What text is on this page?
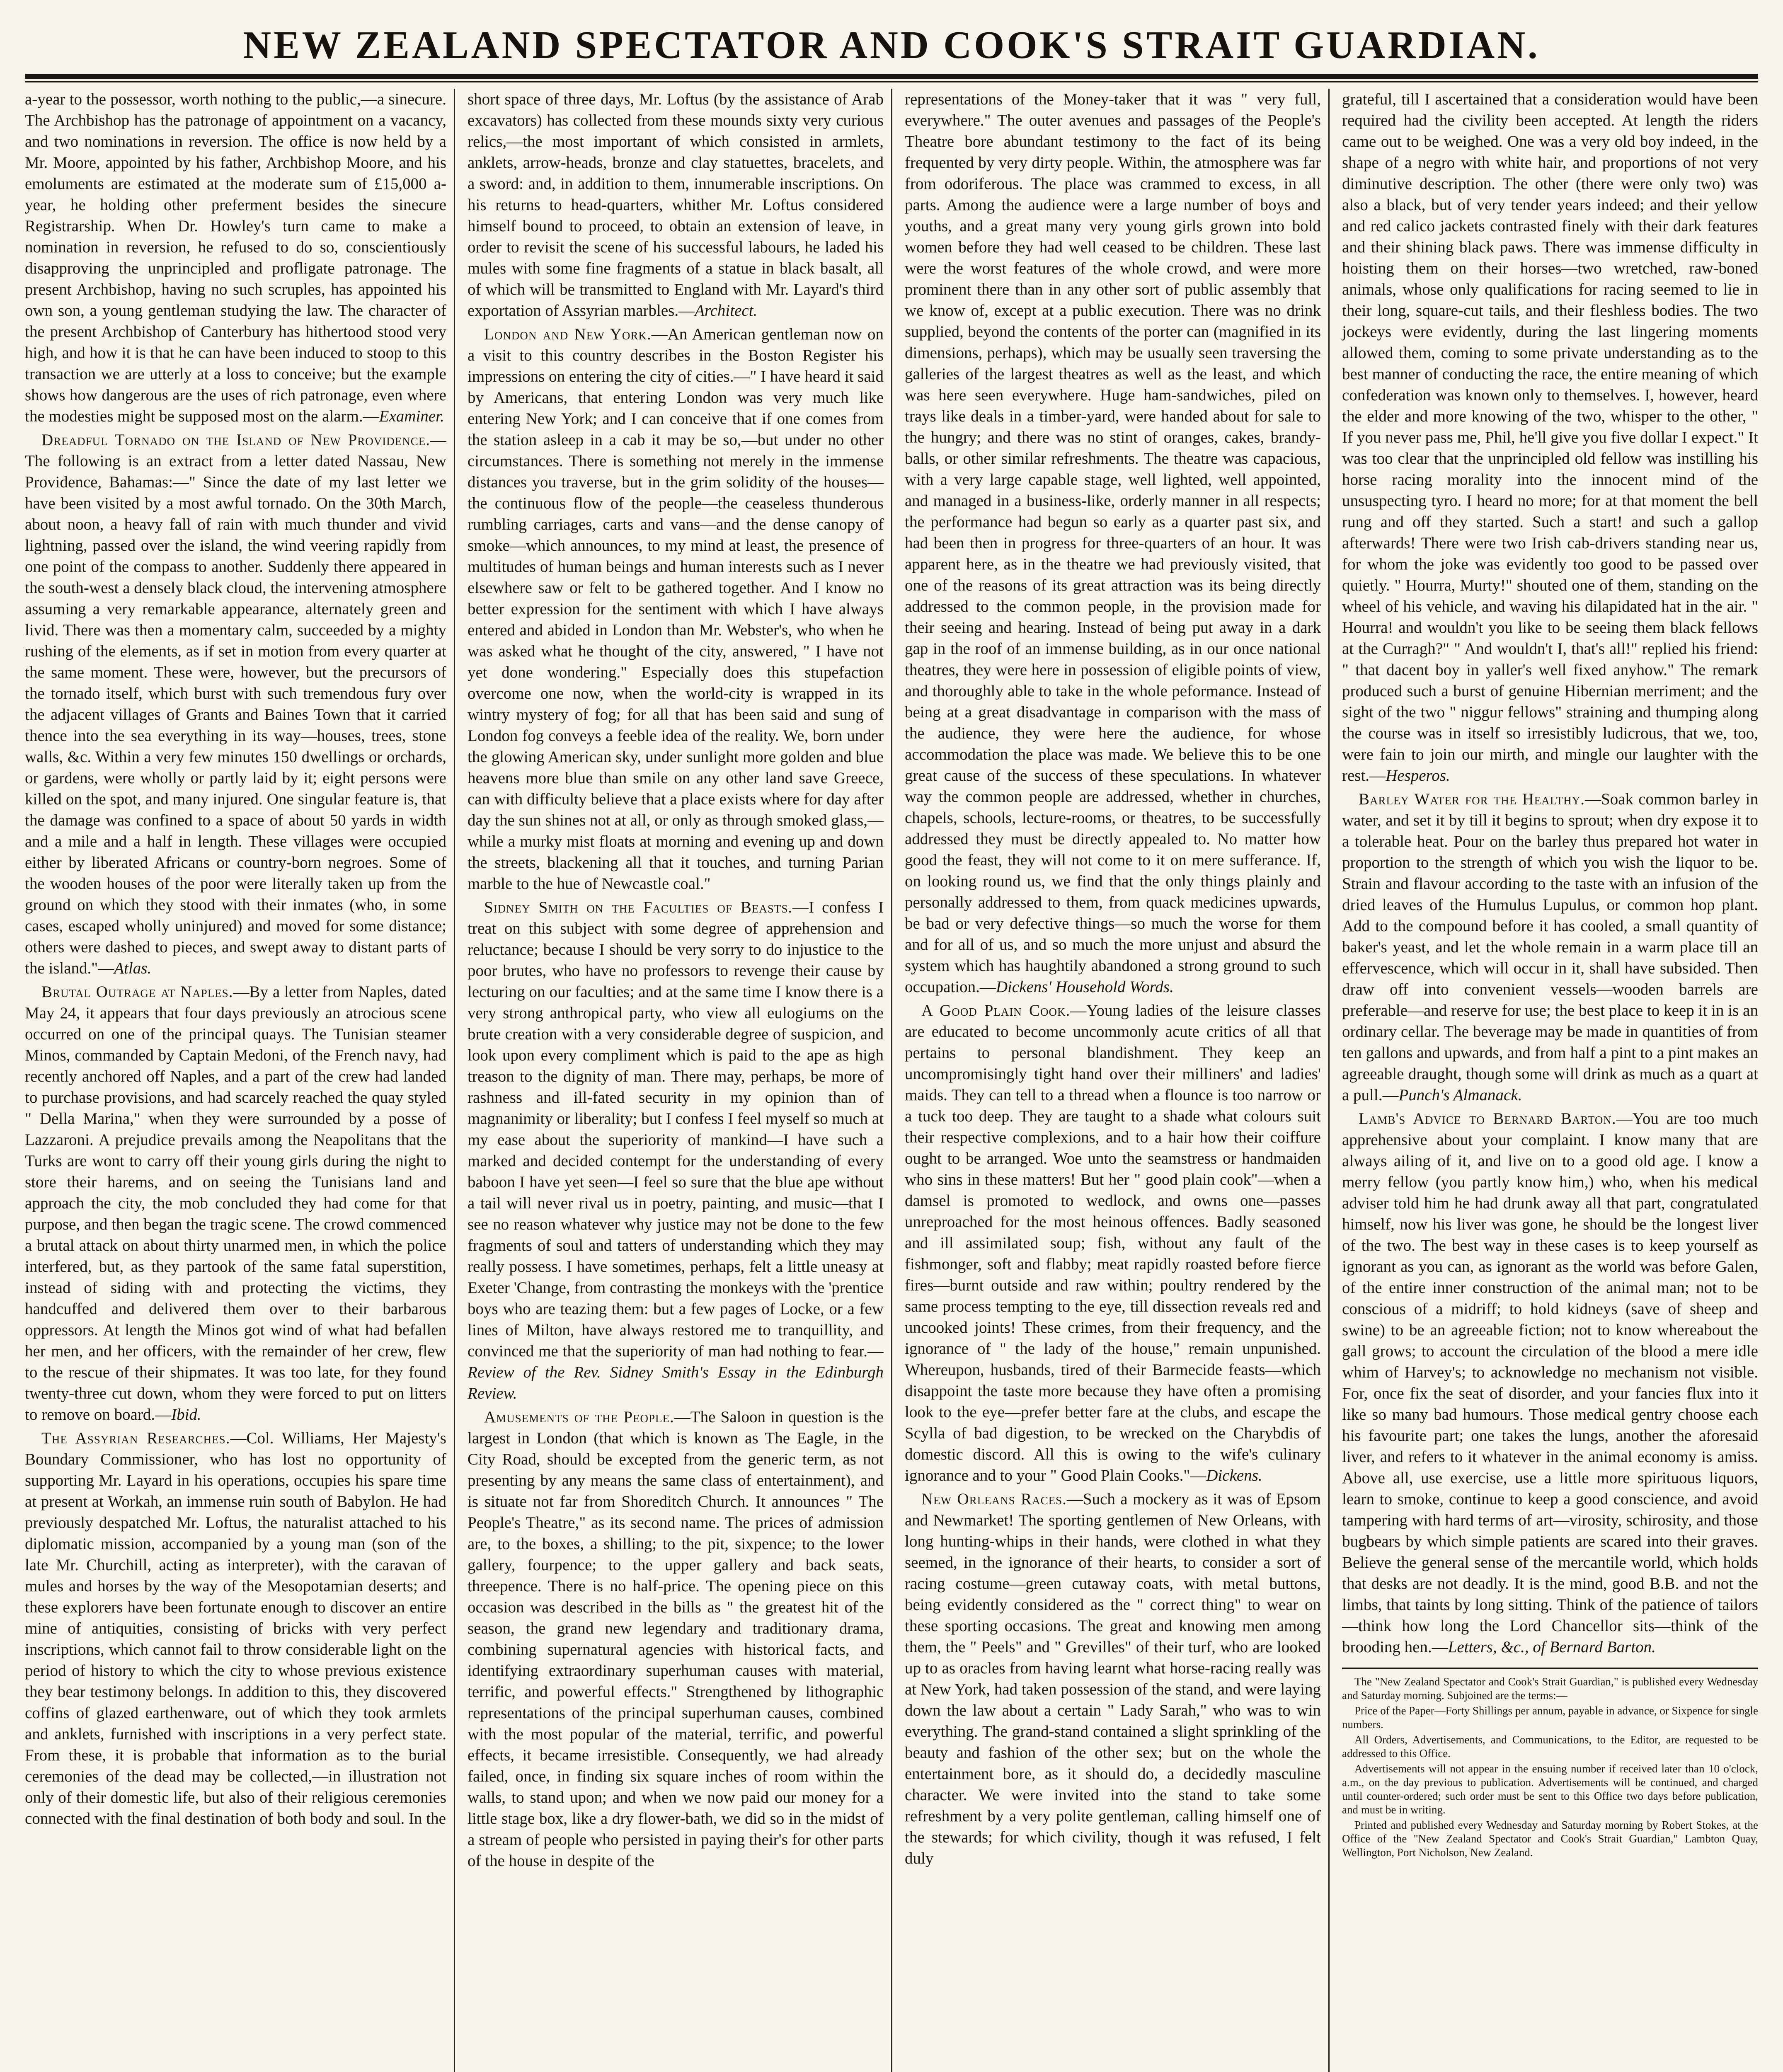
NEW ZEALAND SPECTATOR AND COOK'S STRAIT GUARDIAN.

a-year to the possessor, worth nothing to the public,—a sinecure. The Archbishop has the patronage of appointment on a vacancy, and two nominations in reversion. The office is now held by a Mr. Moore, appointed by his father, Archbishop Moore, and his emoluments are estimated at the moderate sum of £15,000 a-year, he holding other preferment besides the sinecure Registrarship. When Dr. Howley's turn came to make a nomination in reversion, he refused to do so, conscientiously disapproving the unprincipled and profligate patronage. The present Archbishop, having no such scruples, has appointed his own son, a young gentleman studying the law. The character of the present Archbishop of Canterbury has hithertood stood very high, and how it is that he can have been induced to stoop to this transaction we are utterly at a loss to conceive; but the example shows how dangerous are the uses of rich patronage, even where the modesties might be supposed most on the alarm.—Examiner.

Dreadful Tornado on the Island of New Providence.—The following is an extract from a letter dated Nassau, New Providence, Bahamas:—" Since the date of my last letter we have been visited by a most awful tornado. On the 30th March, about noon, a heavy fall of rain with much thunder and vivid lightning, passed over the island, the wind veering rapidly from one point of the compass to another. Suddenly there appeared in the south-west a densely black cloud, the intervening atmosphere assuming a very remarkable appearance, alternately green and livid. There was then a momentary calm, succeeded by a mighty rushing of the elements, as if set in motion from every quarter at the same moment. These were, however, but the precursors of the tornado itself, which burst with such tremendous fury over the adjacent villages of Grants and Baines Town that it carried thence into the sea everything in its way—houses, trees, stone walls, &c. Within a very few minutes 150 dwellings or orchards, or gardens, were wholly or partly laid by it; eight persons were killed on the spot, and many injured. One singular feature is, that the damage was confined to a space of about 50 yards in width and a mile and a half in length. These villages were occupied either by liberated Africans or country-born negroes. Some of the wooden houses of the poor were literally taken up from the ground on which they stood with their inmates (who, in some cases, escaped wholly uninjured) and moved for some distance; others were dashed to pieces, and swept away to distant parts of the island."—Atlas.

Brutal Outrage at Naples.—By a letter from Naples, dated May 24, it appears that four days previously an atrocious scene occurred on one of the principal quays. The Tunisian steamer Minos, commanded by Captain Medoni, of the French navy, had recently anchored off Naples, and a part of the crew had landed to purchase provisions, and had scarcely reached the quay styled " Della Marina," when they were surrounded by a posse of Lazzaroni. A prejudice prevails among the Neapolitans that the Turks are wont to carry off their young girls during the night to store their harems, and on seeing the Tunisians land and approach the city, the mob concluded they had come for that purpose, and then began the tragic scene. The crowd commenced a brutal attack on about thirty unarmed men, in which the police interfered, but, as they partook of the same fatal superstition, instead of siding with and protecting the victims, they handcuffed and delivered them over to their barbarous oppressors. At length the Minos got wind of what had befallen her men, and her officers, with the remainder of her crew, flew to the rescue of their shipmates. It was too late, for they found twenty-three cut down, whom they were forced to put on litters to remove on board.—Ibid.

The Assyrian Researches.—Col. Williams, Her Majesty's Boundary Commissioner, who has lost no opportunity of supporting Mr. Layard in his operations, occupies his spare time at present at Workah, an immense ruin south of Babylon. He had previously despatched Mr. Loftus, the naturalist attached to his diplomatic mission, accompanied by a young man (son of the late Mr. Churchill, acting as interpreter), with the caravan of mules and horses by the way of the Mesopotamian deserts; and these explorers have been fortunate enough to discover an entire mine of antiquities, consisting of bricks with very perfect inscriptions, which cannot fail to throw considerable light on the period of history to which the city to whose previous existence they bear testimony belongs. In addition to this, they discovered coffins of glazed earthenware, out of which they took armlets and anklets, furnished with inscriptions in a very perfect state. From these, it is probable that information as to the burial ceremonies of the dead may be collected,—in illustration not only of their domestic life, but also of their religious ceremonies connected with the final destination of both body and soul. In the

short space of three days, Mr. Loftus (by the assistance of Arab excavators) has collected from these mounds sixty very curious relics,—the most important of which consisted in armlets, anklets, arrow-heads, bronze and clay statuettes, bracelets, and a sword: and, in addition to them, innumerable inscriptions. On his returns to head-quarters, whither Mr. Loftus considered himself bound to proceed, to obtain an extension of leave, in order to revisit the scene of his successful labours, he laded his mules with some fine fragments of a statue in black basalt, all of which will be transmitted to England with Mr. Layard's third exportation of Assyrian marbles.—Architect.

London and New York.—An American gentleman now on a visit to this country describes in the Boston Register his impressions on entering the city of cities.—" I have heard it said by Americans, that entering London was very much like entering New York; and I can conceive that if one comes from the station asleep in a cab it may be so,—but under no other circumstances. There is something not merely in the immense distances you traverse, but in the grim solidity of the houses—the continuous flow of the people—the ceaseless thunderous rumbling carriages, carts and vans—and the dense canopy of smoke—which announces, to my mind at least, the presence of multitudes of human beings and human interests such as I never elsewhere saw or felt to be gathered together. And I know no better expression for the sentiment with which I have always entered and abided in London than Mr. Webster's, who when he was asked what he thought of the city, answered, " I have not yet done wondering." Especially does this stupefaction overcome one now, when the world-city is wrapped in its wintry mystery of fog; for all that has been said and sung of London fog conveys a feeble idea of the reality. We, born under the glowing American sky, under sunlight more golden and blue heavens more blue than smile on any other land save Greece, can with difficulty believe that a place exists where for day after day the sun shines not at all, or only as through smoked glass,—while a murky mist floats at morning and evening up and down the streets, blackening all that it touches, and turning Parian marble to the hue of Newcastle coal."

Sidney Smith on the Faculties of Beasts.—I confess I treat on this subject with some degree of apprehension and reluctance; because I should be very sorry to do injustice to the poor brutes, who have no professors to revenge their cause by lecturing on our faculties; and at the same time I know there is a very strong anthropical party, who view all eulogiums on the brute creation with a very considerable degree of suspicion, and look upon every compliment which is paid to the ape as high treason to the dignity of man. There may, perhaps, be more of rashness and ill-fated security in my opinion than of magnanimity or liberality; but I confess I feel myself so much at my ease about the superiority of mankind—I have such a marked and decided contempt for the understanding of every baboon I have yet seen—I feel so sure that the blue ape without a tail will never rival us in poetry, painting, and music—that I see no reason whatever why justice may not be done to the few fragments of soul and tatters of understanding which they may really possess. I have sometimes, perhaps, felt a little uneasy at Exeter 'Change, from contrasting the monkeys with the 'prentice boys who are teazing them: but a few pages of Locke, or a few lines of Milton, have always restored me to tranquillity, and convinced me that the superiority of man had nothing to fear.—Review of the Rev. Sidney Smith's Essay in the Edinburgh Review.

Amusements of the People.—The Saloon in question is the largest in London (that which is known as The Eagle, in the City Road, should be excepted from the generic term, as not presenting by any means the same class of entertainment), and is situate not far from Shoreditch Church. It announces " The People's Theatre," as its second name. The prices of admission are, to the boxes, a shilling; to the pit, sixpence; to the lower gallery, fourpence; to the upper gallery and back seats, threepence. There is no half-price. The opening piece on this occasion was described in the bills as " the greatest hit of the season, the grand new legendary and traditionary drama, combining supernatural agencies with historical facts, and identifying extraordinary superhuman causes with material, terrific, and powerful effects." Strengthened by lithographic representations of the principal superhuman causes, combined with the most popular of the material, terrific, and powerful effects, it became irresistible. Consequently, we had already failed, once, in finding six square inches of room within the walls, to stand upon; and when we now paid our money for a little stage box, like a dry flower-bath, we did so in the midst of a stream of people who persisted in paying their's for other parts of the house in despite of the

representations of the Money-taker that it was " very full, everywhere." The outer avenues and passages of the People's Theatre bore abundant testimony to the fact of its being frequented by very dirty people. Within, the atmosphere was far from odoriferous. The place was crammed to excess, in all parts. Among the audience were a large number of boys and youths, and a great many very young girls grown into bold women before they had well ceased to be children. These last were the worst features of the whole crowd, and were more prominent there than in any other sort of public assembly that we know of, except at a public execution. There was no drink supplied, beyond the contents of the porter can (magnified in its dimensions, perhaps), which may be usually seen traversing the galleries of the largest theatres as well as the least, and which was here seen everywhere. Huge ham-sandwiches, piled on trays like deals in a timber-yard, were handed about for sale to the hungry; and there was no stint of oranges, cakes, brandy-balls, or other similar refreshments. The theatre was capacious, with a very large capable stage, well lighted, well appointed, and managed in a business-like, orderly manner in all respects; the performance had begun so early as a quarter past six, and had been then in progress for three-quarters of an hour. It was apparent here, as in the theatre we had previously visited, that one of the reasons of its great attraction was its being directly addressed to the common people, in the provision made for their seeing and hearing. Instead of being put away in a dark gap in the roof of an immense building, as in our once national theatres, they were here in possession of eligible points of view, and thoroughly able to take in the whole peformance. Instead of being at a great disadvantage in comparison with the mass of the audience, they were here the audience, for whose accommodation the place was made. We believe this to be one great cause of the success of these speculations. In whatever way the common people are addressed, whether in churches, chapels, schools, lecture-rooms, or theatres, to be successfully addressed they must be directly appealed to. No matter how good the feast, they will not come to it on mere sufferance. If, on looking round us, we find that the only things plainly and personally addressed to them, from quack medicines upwards, be bad or very defective things—so much the worse for them and for all of us, and so much the more unjust and absurd the system which has haughtily abandoned a strong ground to such occupation.—Dickens' Household Words.

A Good Plain Cook.—Young ladies of the leisure classes are educated to become uncommonly acute critics of all that pertains to personal blandishment. They keep an uncompromisingly tight hand over their milliners' and ladies' maids. They can tell to a thread when a flounce is too narrow or a tuck too deep. They are taught to a shade what colours suit their respective complexions, and to a hair how their coiffure ought to be arranged. Woe unto the seamstress or handmaiden who sins in these matters! But her " good plain cook"—when a damsel is promoted to wedlock, and owns one—passes unreproached for the most heinous offences. Badly seasoned and ill assimilated soup; fish, without any fault of the fishmonger, soft and flabby; meat rapidly roasted before fierce fires—burnt outside and raw within; poultry rendered by the same process tempting to the eye, till dissection reveals red and uncooked joints! These crimes, from their frequency, and the ignorance of " the lady of the house," remain unpunished. Whereupon, husbands, tired of their Barmecide feasts—which disappoint the taste more because they have often a promising look to the eye—prefer better fare at the clubs, and escape the Scylla of bad digestion, to be wrecked on the Charybdis of domestic discord. All this is owing to the wife's culinary ignorance and to your " Good Plain Cooks."—Dickens.

New Orleans Races.—Such a mockery as it was of Epsom and Newmarket! The sporting gentlemen of New Orleans, with long hunting-whips in their hands, were clothed in what they seemed, in the ignorance of their hearts, to consider a sort of racing costume—green cutaway coats, with metal buttons, being evidently considered as the " correct thing" to wear on these sporting occasions. The great and knowing men among them, the " Peels" and " Grevilles" of their turf, who are looked up to as oracles from having learnt what horse-racing really was at New York, had taken possession of the stand, and were laying down the law about a certain " Lady Sarah," who was to win everything. The grand-stand contained a slight sprinkling of the beauty and fashion of the other sex; but on the whole the entertainment bore, as it should do, a decidedly masculine character. We were invited into the stand to take some refreshment by a very polite gentleman, calling himself one of the stewards; for which civility, though it was refused, I felt duly

grateful, till I ascertained that a consideration would have been required had the civility been accepted. At length the riders came out to be weighed. One was a very old boy indeed, in the shape of a negro with white hair, and proportions of not very diminutive description. The other (there were only two) was also a black, but of very tender years indeed; and their yellow and red calico jackets contrasted finely with their dark features and their shining black paws. There was immense difficulty in hoisting them on their horses—two wretched, raw-boned animals, whose only qualifications for racing seemed to lie in their long, square-cut tails, and their fleshless bodies. The two jockeys were evidently, during the last lingering moments allowed them, coming to some private understanding as to the best manner of conducting the race, the entire meaning of which confederation was known only to themselves. I, however, heard the elder and more knowing of the two, whisper to the other, " If you never pass me, Phil, he'll give you five dollar I expect." It was too clear that the unprincipled old fellow was instilling his horse racing morality into the innocent mind of the unsuspecting tyro. I heard no more; for at that moment the bell rung and off they started. Such a start! and such a gallop afterwards! There were two Irish cab-drivers standing near us, for whom the joke was evidently too good to be passed over quietly. " Hourra, Murty!" shouted one of them, standing on the wheel of his vehicle, and waving his dilapidated hat in the air. " Hourra! and wouldn't you like to be seeing them black fellows at the Curragh?" " And wouldn't I, that's all!" replied his friend: " that dacent boy in yaller's well fixed anyhow." The remark produced such a burst of genuine Hibernian merriment; and the sight of the two " niggur fellows" straining and thumping along the course was in itself so irresistibly ludicrous, that we, too, were fain to join our mirth, and mingle our laughter with the rest.—Hesperos.

Barley Water for the Healthy.—Soak common barley in water, and set it by till it begins to sprout; when dry expose it to a tolerable heat. Pour on the barley thus prepared hot water in proportion to the strength of which you wish the liquor to be. Strain and flavour according to the taste with an infusion of the dried leaves of the Humulus Lupulus, or common hop plant. Add to the compound before it has cooled, a small quantity of baker's yeast, and let the whole remain in a warm place till an effervescence, which will occur in it, shall have subsided. Then draw off into convenient vessels—wooden barrels are preferable—and reserve for use; the best place to keep it in is an ordinary cellar. The beverage may be made in quantities of from ten gallons and upwards, and from half a pint to a pint makes an agreeable draught, though some will drink as much as a quart at a pull.—Punch's Almanack.

Lamb's Advice to Bernard Barton.—You are too much apprehensive about your complaint. I know many that are always ailing of it, and live on to a good old age. I know a merry fellow (you partly know him,) who, when his medical adviser told him he had drunk away all that part, congratulated himself, now his liver was gone, he should be the longest liver of the two. The best way in these cases is to keep yourself as ignorant as you can, as ignorant as the world was before Galen, of the entire inner construction of the animal man; not to be conscious of a midriff; to hold kidneys (save of sheep and swine) to be an agreeable fiction; not to know whereabout the gall grows; to account the circulation of the blood a mere idle whim of Harvey's; to acknowledge no mechanism not visible. For, once fix the seat of disorder, and your fancies flux into it like so many bad humours. Those medical gentry choose each his favourite part; one takes the lungs, another the aforesaid liver, and refers to it whatever in the animal economy is amiss. Above all, use exercise, use a little more spirituous liquors, learn to smoke, continue to keep a good conscience, and avoid tampering with hard terms of art—virosity, schirosity, and those bugbears by which simple patients are scared into their graves. Believe the general sense of the mercantile world, which holds that desks are not deadly. It is the mind, good B.B. and not the limbs, that taints by long sitting. Think of the patience of tailors—think how long the Lord Chancellor sits—think of the brooding hen.—Letters, &c., of Bernard Barton.

The "New Zealand Spectator and Cook's Strait Guardian," is published every Wednesday and Saturday morning. Subjoined are the terms:—

Price of the Paper—Forty Shillings per annum, payable in advance, or Sixpence for single numbers.

All Orders, Advertisements, and Communications, to the Editor, are requested to be addressed to this Office.

Advertisements will not appear in the ensuing number if received later than 10 o'clock, a.m., on the day previous to publication. Advertisements will be continued, and charged until counter-ordered; such order must be sent to this Office two days before publication, and must be in writing.

Printed and published every Wednesday and Saturday morning by Robert Stokes, at the Office of the "New Zealand Spectator and Cook's Strait Guardian," Lambton Quay, Wellington, Port Nicholson, New Zealand.
